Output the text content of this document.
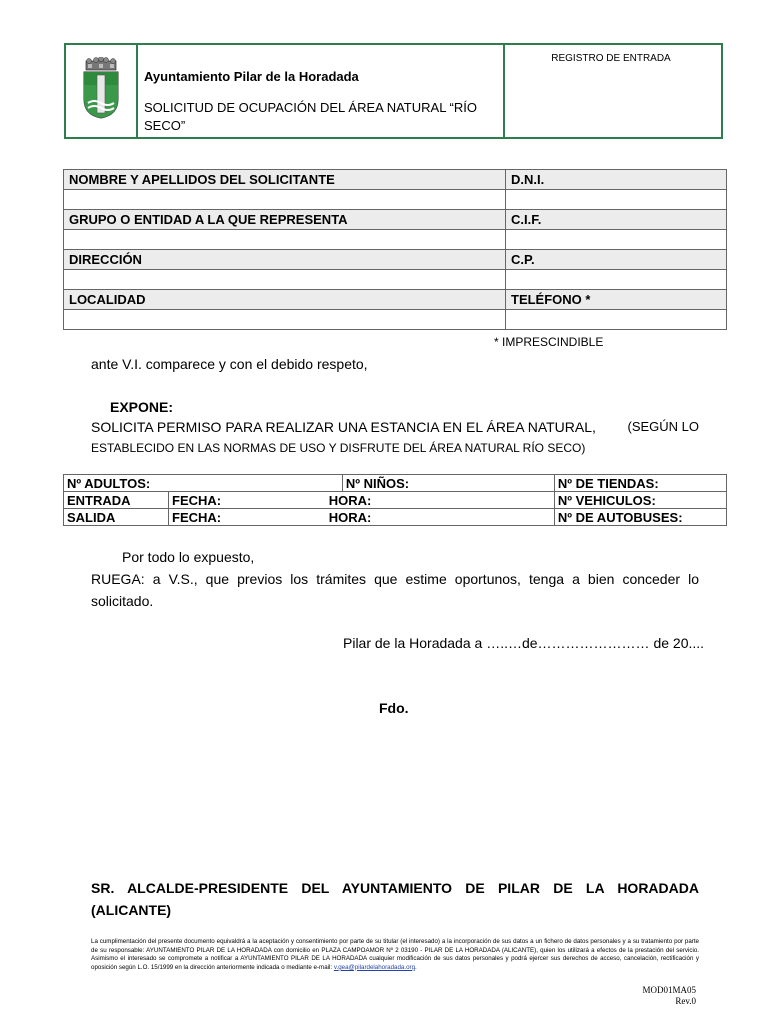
Ayuntamiento Pilar de la Horadada
SOLICITUD DE OCUPACIÓN DEL ÁREA NATURAL “RÍO SECO”
REGISTRO DE ENTRADA
NOMBRE Y APELLIDOS DEL SOLICITANTE	D.N.I.

GRUPO O ENTIDAD A LA QUE REPRESENTA	C.I.F.

DIRECCIÓN	C.P.

LOCALIDAD	TELÉFONO *

* IMPRESCINDIBLE
ante V.I. comparece y con el debido respeto,
EXPONE:
SOLICITA PERMISO PARA REALIZAR UNA ESTANCIA EN EL ÁREA NATURAL, (SEGÚN LO
ESTABLECIDO EN LAS NORMAS DE USO Y DISFRUTE DEL ÁREA NATURAL RÍO SECO)
Nº ADULTOS:		Nº NIÑOS:	Nº DE TIENDAS:
ENTRADA	FECHA: HORA:		Nº VEHICULOS:
SALIDA	FECHA: HORA:		Nº DE AUTOBUSES:
Por todo lo expuesto,
RUEGA: a V.S., que previos los trámites que estime oportunos, tenga a bien conceder lo
solicitado.
Pilar de la Horadada a …..…de…………………… de 20....
Fdo.
SR. ALCALDE-PRESIDENTE DEL AYUNTAMIENTO DE PILAR DE LA HORADADA
(ALICANTE)
La cumplimentación del presente documento equivaldrá a la aceptación y consentimiento por parte de su titular (el interesado) a la incorporación de sus datos a un fichero de datos personales y a su tratamiento por parte de su responsable: AYUNTAMIENTO PILAR DE LA HORADADA con domicilio en PLAZA CAMPOAMOR Nº 2 03190 - PILAR DE LA HORADADA (ALICANTE), quien los utilizará a efectos de la prestación del servicio. Asimismo el interesado se compromete a notificar a AYUNTAMIENTO PILAR DE LA HORADADA cualquier modificación de sus datos personales y podrá ejercer sus derechos de acceso, cancelación, rectificación y oposición según L.O. 15/1999 en la dirección anteriormente indicada o mediante e-mail: v.gea@pilardelahoradada.org.
MOD01MA05
Rev.0
